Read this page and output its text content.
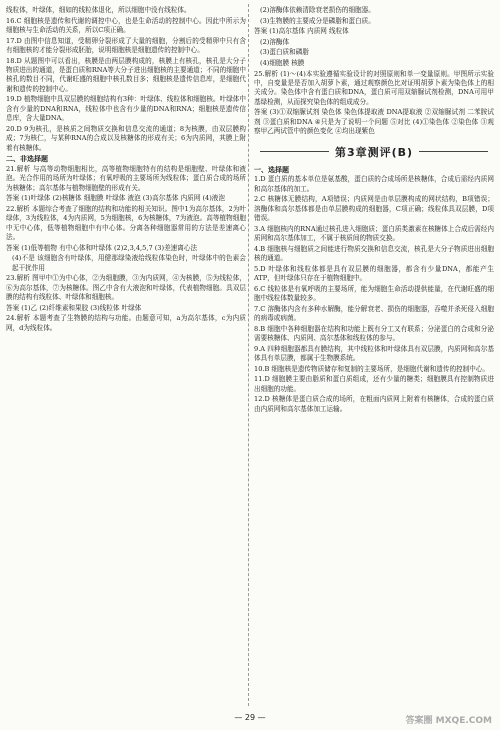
线粒体，叶绿体，细如的线粒体退化，所以细胞中没有线粒体。

16.C 细胞核是遗传和代谢的调控中心，也是生命活动的控制中心。因此中所示为细胞核与生命活动的关系，所以C项正确。

17.D 由图中信息知道，受精卵分裂形成了大量的细胞，分割后的受精卵中只有含有细胞核的才能分裂形成胚胎，说明细胞核是细胞遗传的控制中心。

18.D 从题图中可以看出，核膜是由两层膜构成的，核膜上有核孔，核孔是大分子物质进出的通道，是蛋白质和RNA等大分子进出细胞核的主要通道；不同的细胞中核孔的数目不同，代谢旺盛的细胞中核孔数目多；细胞核是遗传信息库，是细胞代谢和遗传的控制中心。

19.D 植物细胞中具双层膜的细胞结构有3种：叶绿体、线粒体和细胞核。叶绿体中含有少量的DNA和RNA，线粒体中也含有少量的DNA和RNA；细胞核是遗传信息库，含大量DNA。

20.D 9为核孔，是核质之间物质交换和信息交流的通道；8为核膜，由双层膜构成；7为核仁，与某种RNA的合成以及核糖体的形成有关；6为内质网，其膜上附着有核糖体。

二、非选择题

21.解析 与高等动物细胞相比，高等植物细胞特有的结构是细胞壁、叶绿体和液泡。光合作用的场所为叶绿体；有氧呼吸的主要场所为线粒体；蛋白质合成的场所为核糖体；高尔基体与植物细胞壁的形成有关。

答案 (1)叶绿体 (2)核糖体 细胞膜 叶绿体 液泡 (3)高尔基体 内质网 (4)液泡

22.解析 本题综合考查了细胞的结构和功能的相关知识。图中1为高尔基体，2为叶绿体，3为线粒体，4为内质网，5为细胞核，6为核糖体，7为液泡。高等植物细胞中无中心体，低等植物细胞中有中心体。分离各种细胞器常用的方法是差速离心法。

答案 (1)低等植物 有中心体和叶绿体 (2)2,3,4,5,7 (3)差速离心法

(4)不是 该细胞含有叶绿体，用健那绿染液给线粒体染色时，叶绿体中的色素会起干扰作用

23.解析 图甲中①为中心体，②为细胞膜，③为内质网，④为核膜，⑤为线粒体，⑥为高尔基体，⑦为核糖体。图乙中含有大液泡和叶绿体，代表植物细胞。具双层膜的结构有线粒体、叶绿体和细胞核。

答案 (1)乙 (2)纤维素和果胶 (3)线粒体 叶绿体

24.解析 本题考查了生物膜的结构与功能。由题意可知，a为高尔基体，c为内质网，d为线粒体。

(2)溶酶体依赖清除衰老损伤的细胞器。

(3)生物膜的主要成分是磷脂和蛋白质。

答案 (1)高尔基体 内质网 线粒体

(2)溶酶体

(3)蛋白质和磷脂

(4)细胞膜 核膜

25.解析 (1)～(4)本实验遵循实验设计的对照原则和单一变量原则。甲图所示实验中，自变量是是否加入胡萝卜素，通过观察颜色比对证明胡萝卜素为染色体上的相关成分。染色体中含有蛋白质和DNA，蛋白质可用双缩脲试剂检测，DNA可用甲基绿检测，从而探究染色体的组成成分。

答案 (3)①双缩脲试剂 染色体 染色体提取液 DNA提取液 ②双缩脲试剂 二苯胺试剂 ③蛋白质和DNA ④只是为了说明一个问题 ⑤对比 (4)①染色体 ②染色体 ③观察甲乙两试管中的颜色变化 ④均出现紫色

第3章测评(B)

一、选择题

1.D 蛋白质的基本单位是氨基酸，蛋白质的合成场所是核糖体，合成后需经内质网和高尔基体的加工。

2.C 核糖体无膜结构，A项错误；内质网是由单层膜构成的网状结构，B项错误；溶酶体和高尔基体都是由单层膜构成的细胞器，C项正确；线粒体具双层膜，D项错误。

3.A 细胞核内的RNA通过核孔进入细胞质；蛋白质类激素在核糖体上合成后需经内质网和高尔基体加工，不属于核质间的物质交换。

4.B 细胞核与细胞质之间能进行物质交换和信息交流，核孔是大分子物质进出细胞核的通道。

5.D 叶绿体和线粒体都是具有双层膜的细胞器，都含有少量DNA，都能产生ATP，但叶绿体只存在于植物细胞中。

6.C 线粒体是有氧呼吸的主要场所，能为细胞生命活动提供能量，在代谢旺盛的细胞中线粒体数量较多。

7.C 溶酶体内含有多种水解酶，能分解衰老、损伤的细胞器，吞噬并杀死侵入细胞的病毒或病菌。

8.B 细胞中各种细胞器在结构和功能上既有分工又有联系；分泌蛋白的合成和分泌需要核糖体、内质网、高尔基体和线粒体的参与。

9.A 四种细胞器都具有膜结构，其中线粒体和叶绿体具有双层膜，内质网和高尔基体具有单层膜，都属于生物膜系统。

10.B 细胞核是遗传物质储存和复制的主要场所，是细胞代谢和遗传的控制中心。

11.D 细胞膜主要由脂质和蛋白质组成，还有少量的糖类；细胞膜具有控制物质进出细胞的功能。

12.D 核糖体是蛋白质合成的场所，在粗面内质网上附着有核糖体，合成的蛋白质由内质网和高尔基体加工运输。

— 29 —	答案圈 MXQE.COM
